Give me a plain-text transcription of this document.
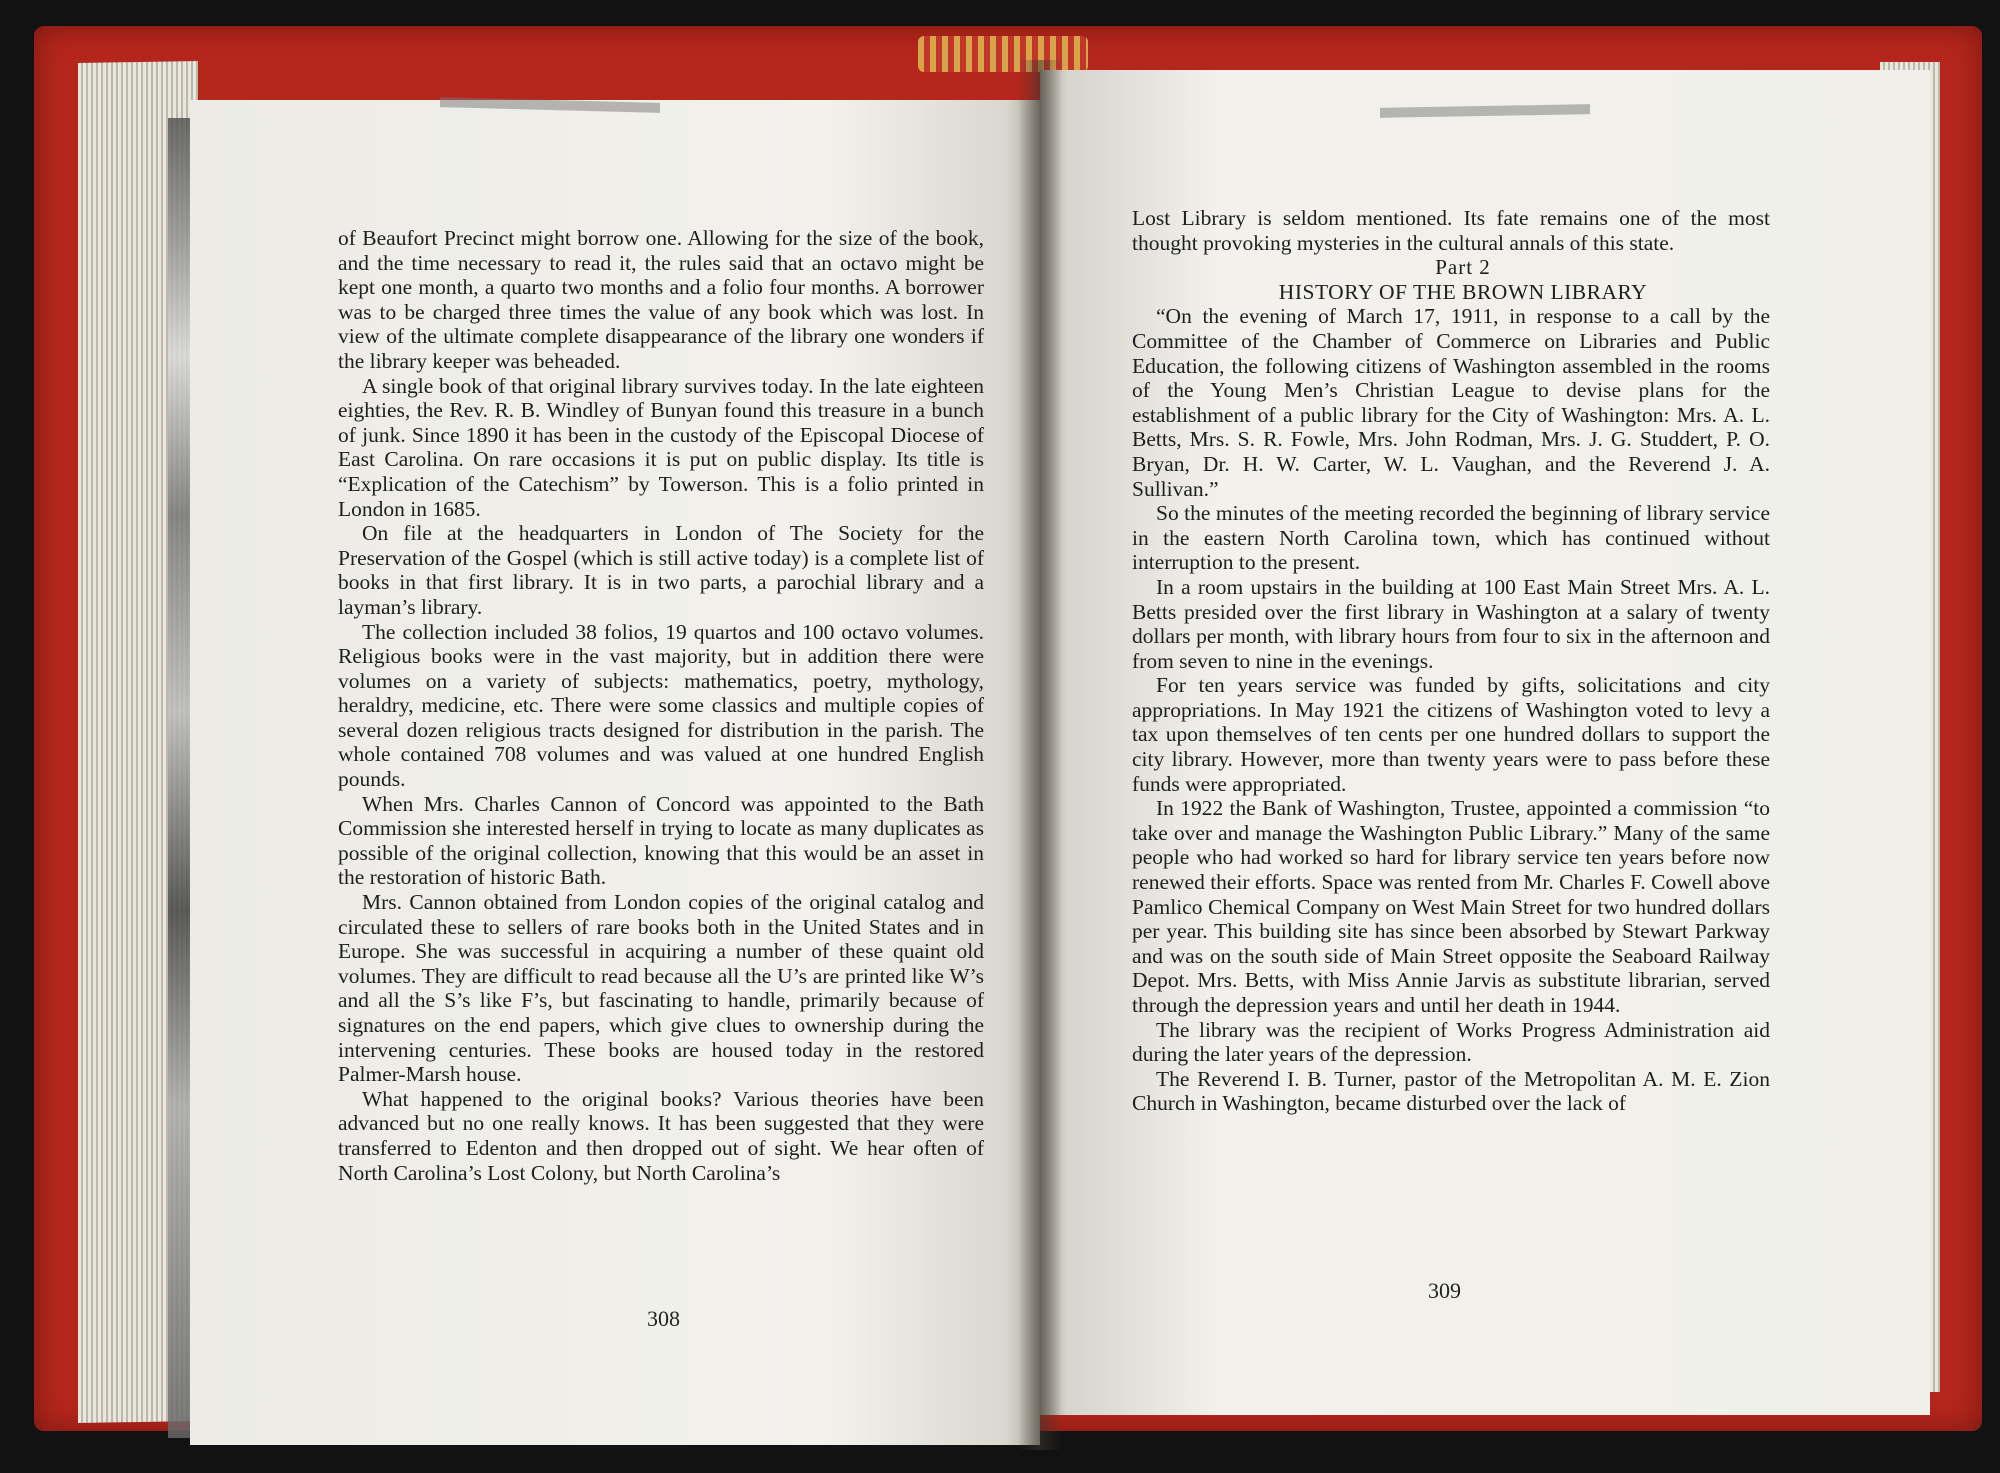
of Beaufort Precinct might borrow one. Allowing for the size of the book, and the time necessary to read it, the rules said that an octavo might be kept one month, a quarto two months and a folio four months. A borrower was to be charged three times the value of any book which was lost. In view of the ultimate complete disappearance of the library one wonders if the library keeper was beheaded.

A single book of that original library survives today. In the late eighteen eighties, the Rev. R. B. Windley of Bunyan found this treasure in a bunch of junk. Since 1890 it has been in the custody of the Episcopal Diocese of East Carolina. On rare occasions it is put on public display. Its title is “Explication of the Catechism” by Towerson. This is a folio printed in London in 1685.

On file at the headquarters in London of The Society for the Preservation of the Gospel (which is still active today) is a complete list of books in that first library. It is in two parts, a parochial library and a layman’s library.

The collection included 38 folios, 19 quartos and 100 octavo volumes. Religious books were in the vast majority, but in addition there were volumes on a variety of subjects: mathematics, poetry, mythology, heraldry, medicine, etc. There were some classics and multiple copies of several dozen religious tracts designed for distribution in the parish. The whole contained 708 volumes and was valued at one hundred English pounds.

When Mrs. Charles Cannon of Concord was appointed to the Bath Commission she interested herself in trying to locate as many duplicates as possible of the original collection, knowing that this would be an asset in the restoration of historic Bath.

Mrs. Cannon obtained from London copies of the original catalog and circulated these to sellers of rare books both in the United States and in Europe. She was successful in acquiring a number of these quaint old volumes. They are difficult to read because all the U’s are printed like W’s and all the S’s like F’s, but fascinating to handle, primarily because of signatures on the end papers, which give clues to ownership during the intervening centuries. These books are housed today in the restored Palmer-Marsh house.

What happened to the original books? Various theories have been advanced but no one really knows. It has been suggested that they were transferred to Edenton and then dropped out of sight. We hear often of North Carolina’s Lost Colony, but North Carolina’s

308

Lost Library is seldom mentioned. Its fate remains one of the most thought provoking mysteries in the cultural annals of this state.

Part 2

HISTORY OF THE BROWN LIBRARY

“On the evening of March 17, 1911, in response to a call by the Committee of the Chamber of Commerce on Libraries and Public Education, the following citizens of Washington assembled in the rooms of the Young Men’s Christian League to devise plans for the establishment of a public library for the City of Washington: Mrs. A. L. Betts, Mrs. S. R. Fowle, Mrs. John Rodman, Mrs. J. G. Studdert, P. O. Bryan, Dr. H. W. Carter, W. L. Vaughan, and the Reverend J. A. Sullivan.”

So the minutes of the meeting recorded the beginning of library service in the eastern North Carolina town, which has continued without interruption to the present.

In a room upstairs in the building at 100 East Main Street Mrs. A. L. Betts presided over the first library in Washington at a salary of twenty dollars per month, with library hours from four to six in the afternoon and from seven to nine in the evenings.

For ten years service was funded by gifts, solicitations and city appropriations. In May 1921 the citizens of Washington voted to levy a tax upon themselves of ten cents per one hundred dollars to support the city library. However, more than twenty years were to pass before these funds were appropriated.

In 1922 the Bank of Washington, Trustee, appointed a commission “to take over and manage the Washington Public Library.” Many of the same people who had worked so hard for library service ten years before now renewed their efforts. Space was rented from Mr. Charles F. Cowell above Pamlico Chemical Company on West Main Street for two hundred dollars per year. This building site has since been absorbed by Stewart Parkway and was on the south side of Main Street opposite the Seaboard Railway Depot. Mrs. Betts, with Miss Annie Jarvis as substitute librarian, served through the depression years and until her death in 1944.

The library was the recipient of Works Progress Administration aid during the later years of the depression.

The Reverend I. B. Turner, pastor of the Metropolitan A. M. E. Zion Church in Washington, became disturbed over the lack of

309
